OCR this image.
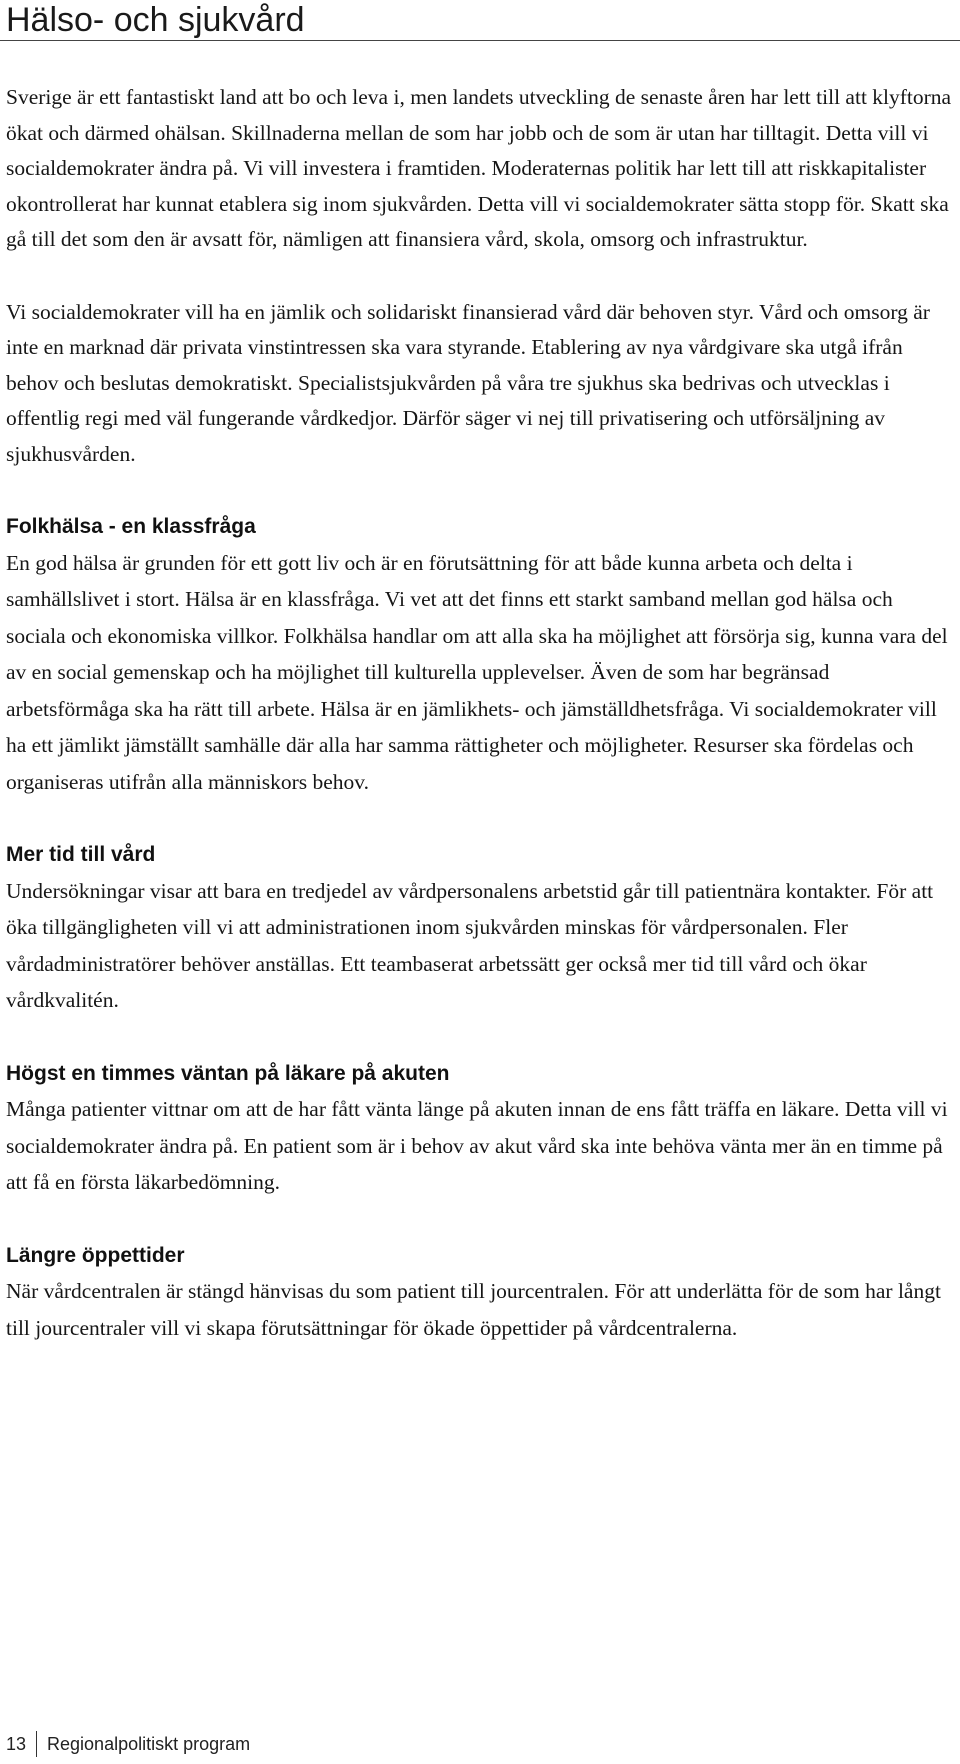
Hälso- och sjukvård

Sverige är ett fantastiskt land att bo och leva i, men landets utveckling de senaste åren har lett till att klyftorna ökat och därmed ohälsan. Skillnaderna mellan de som har jobb och de som är utan har tilltagit. Detta vill vi socialdemokrater ändra på. Vi vill investera i framtiden. Moderaternas politik har lett till att riskkapitalister okontrollerat har kunnat etablera sig inom sjukvården. Detta vill vi socialdemokrater sätta stopp för. Skatt ska gå till det som den är avsatt för, nämligen att finansiera vård, skola, omsorg och infrastruktur.

Vi socialdemokrater vill ha en jämlik och solidariskt finansierad vård där behoven styr. Vård och omsorg är inte en marknad där privata vinstintressen ska vara styrande. Etablering av nya vårdgivare ska utgå ifrån behov och beslutas demokratiskt. Specialistsjukvården på våra tre sjukhus ska bedrivas och utvecklas i offentlig regi med väl fungerande vårdkedjor. Därför säger vi nej till privatisering och utförsäljning av sjukhusvården.

Folkhälsa - en klassfråga

En god hälsa är grunden för ett gott liv och är en förutsättning för att både kunna arbeta och delta i samhällslivet i stort. Hälsa är en klassfråga. Vi vet att det finns ett starkt samband mellan god hälsa och sociala och ekonomiska villkor. Folkhälsa handlar om att alla ska ha möjlighet att försörja sig, kunna vara del av en social gemenskap och ha möjlighet till kulturella upplevelser. Även de som har begränsad arbetsförmåga ska ha rätt till arbete. Hälsa är en jämlikhets- och jämställdhetsfråga. Vi socialdemokrater vill ha ett jämlikt jämställt samhälle där alla har samma rättigheter och möjligheter. Resurser ska fördelas och organiseras utifrån alla människors behov.

Mer tid till vård

Undersökningar visar att bara en tredjedel av vårdpersonalens arbetstid går till patientnära kontakter. För att öka tillgängligheten vill vi att administrationen inom sjukvården minskas för vårdpersonalen. Fler vårdadministratörer behöver anställas. Ett teambaserat arbetssätt ger också mer tid till vård och ökar vårdkvalitén.

Högst en timmes väntan på läkare på akuten

Många patienter vittnar om att de har fått vänta länge på akuten innan de ens fått träffa en läkare. Detta vill vi socialdemokrater ändra på. En patient som är i behov av akut vård ska inte behöva vänta mer än en timme på att få en första läkarbedömning.

Längre öppettider

När vårdcentralen är stängd hänvisas du som patient till jourcentralen. För att underlätta för de som har långt till jourcentraler vill vi skapa förutsättningar för ökade öppettider på vårdcentralerna.

13	Regionalpolitiskt program
